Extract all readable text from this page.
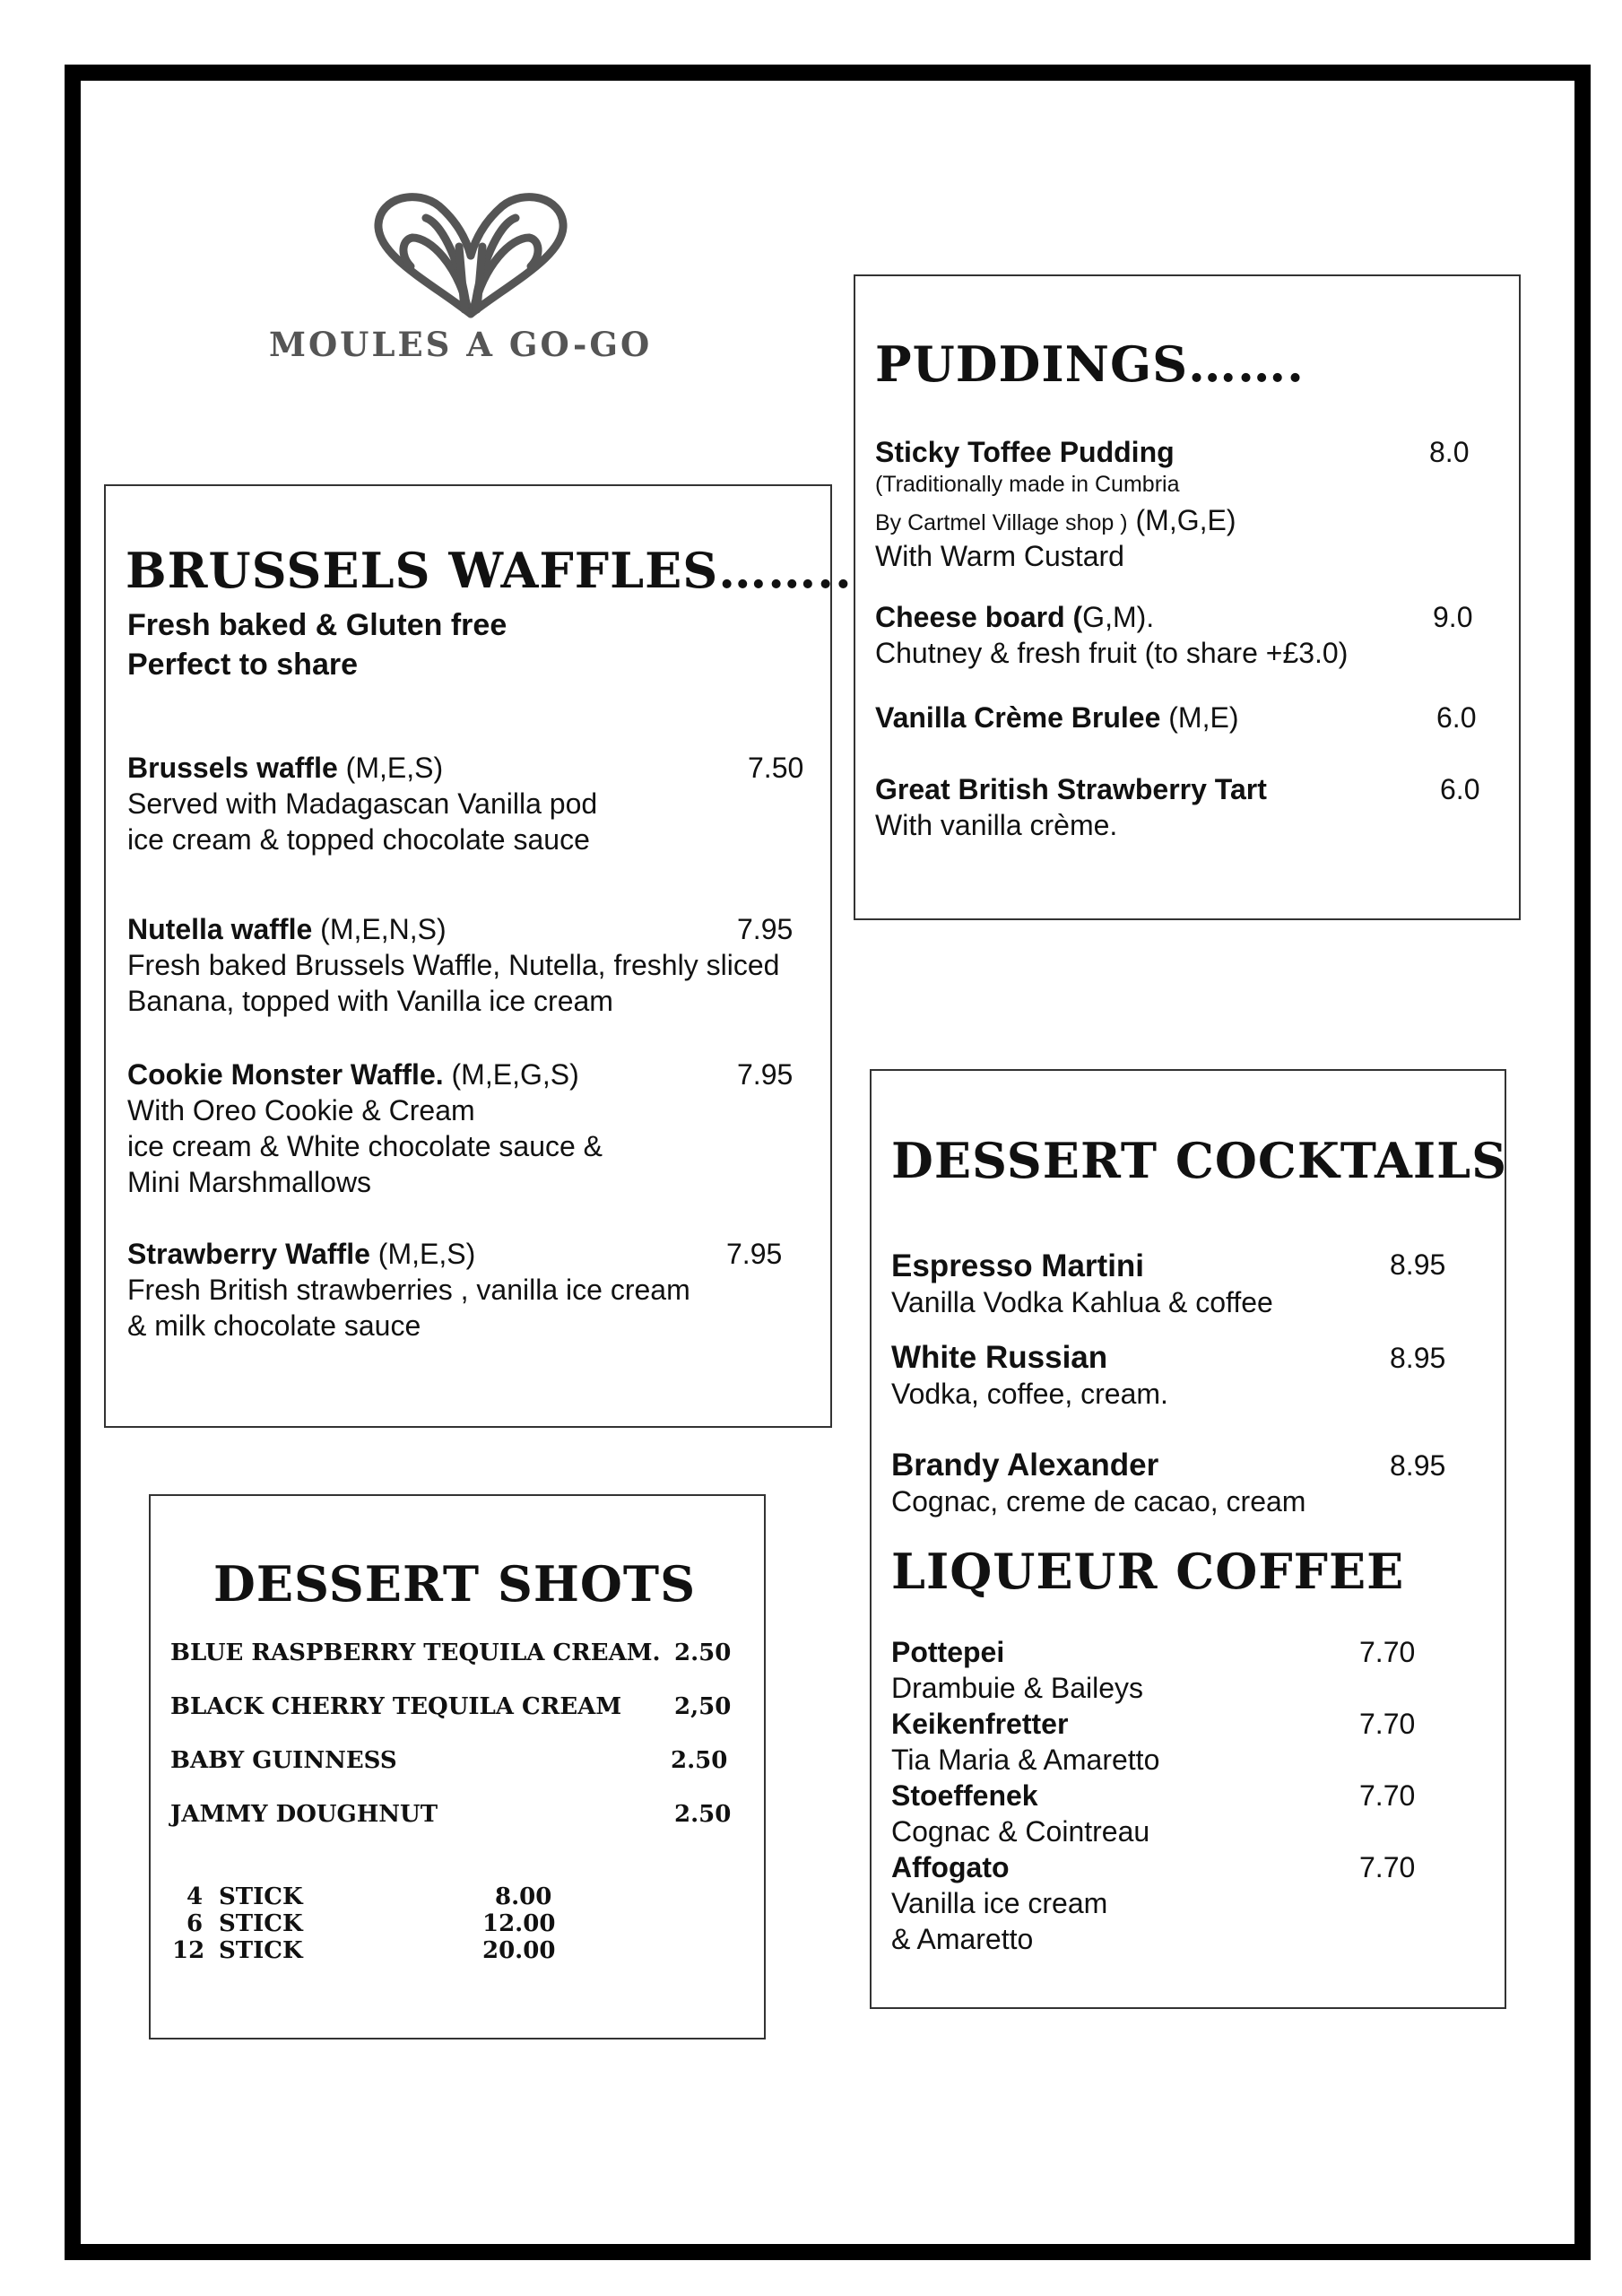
MOULES A GO-GO
BRUSSELS WAFFLES……..
Fresh baked & Gluten free
Perfect to share
Brussels waffle (M,E,S)	7.50
Served with Madagascan Vanilla pod
ice cream & topped chocolate sauce
Nutella waffle (M,E,N,S)	7.95
Fresh baked Brussels Waffle, Nutella, freshly sliced
Banana, topped with Vanilla ice cream
Cookie Monster Waffle. (M,E,G,S)	7.95
With Oreo Cookie & Cream
ice cream & White chocolate sauce &
Mini Marshmallows
Strawberry Waffle (M,E,S)	7.95
Fresh British strawberries , vanilla ice cream
& milk chocolate sauce
PUDDINGS…….
Sticky Toffee Pudding	8.0
(Traditionally made in Cumbria
By Cartmel Village shop ) (M,G,E)
With Warm Custard
Cheese board (G,M).	9.0
Chutney & fresh fruit (to share +£3.0)
Vanilla Crème Brulee (M,E)	6.0
Great British Strawberry Tart	6.0
With vanilla crème.
DESSERT COCKTAILS
Espresso Martini	8.95
Vanilla Vodka Kahlua & coffee
White Russian	8.95
Vodka, coffee, cream.
Brandy Alexander	8.95
Cognac, creme de cacao, cream
LIQUEUR COFFEE
Pottepei	7.70
Drambuie & Baileys
Keikenfretter	7.70
Tia Maria & Amaretto
Stoeffenek	7.70
Cognac & Cointreau
Affogato	7.70
Vanilla ice cream
& Amaretto
DESSERT SHOTS
BLUE RASPBERRY TEQUILA CREAM. 2.50
BLACK CHERRY TEQUILA CREAM 2,50
BABY GUINNESS	2.50
JAMMY DOUGHNUT	2.50
4 STICK	8.00
6 STICK	12.00
12 STICK	20.00
